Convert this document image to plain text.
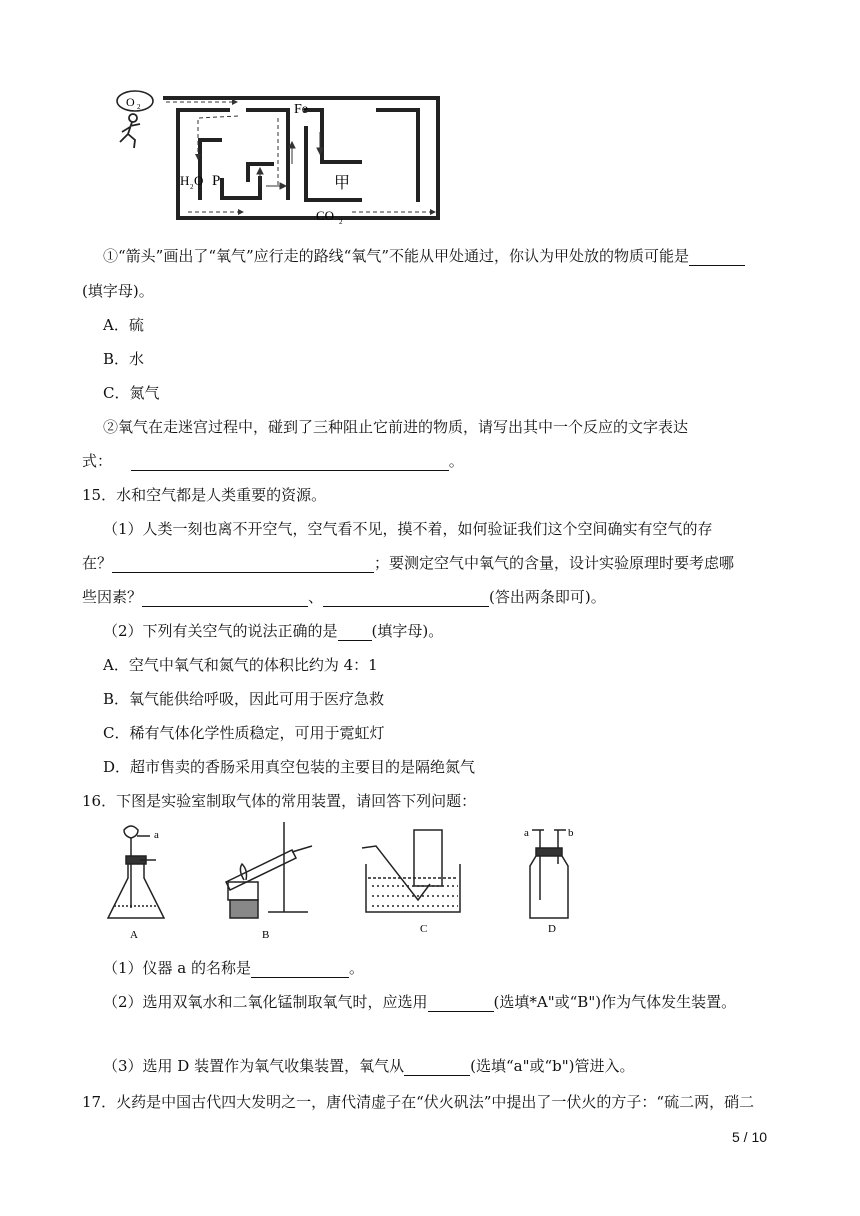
O 2	Fe
H 2 O P	甲
CO 2
①“箭头”画出了“氧气”应行走的路线“氧气”不能从甲处通过，你认为甲处放的物质可能是
(填字母)。
A．硫
B．水
C．氮气
②氧气在走迷宫过程中，碰到了三种阻止它前进的物质，请写出其中一个反应的文字表达
式：	。
15．水和空气都是人类重要的资源。
（1）人类一刻也离不开空气，空气看不见，摸不着，如何验证我们这个空间确实有空气的存
在？	；要测定空气中氧气的含量，设计实验原理时要考虑哪
些因素？	、	(答出两条即可)。
（2）下列有关空气的说法正确的是 (填字母)。
A．空气中氧气和氮气的体积比约为 4：1
B．氧气能供给呼吸，因此可用于医疗急救
C．稀有气体化学性质稳定，可用于霓虹灯
D．超市售卖的香肠采用真空包装的主要目的是隔绝氮气
16．下图是实验室制取气体的常用装置，请回答下列问题：
a	a	b
A	B	C	D
（1）仪器 a 的名称是	。
（2）选用双氧水和二氧化锰制取氧气时，应选用	(选填*A"或“B")作为气体发生装置。
（3）选用 D 装置作为氧气收集装置，氧气从	(选填“a"或“b")管进入。
17．火药是中国古代四大发明之一，唐代清虚子在“伏火矾法”中提出了一伏火的方子：“硫二两，硝二
5 / 10
